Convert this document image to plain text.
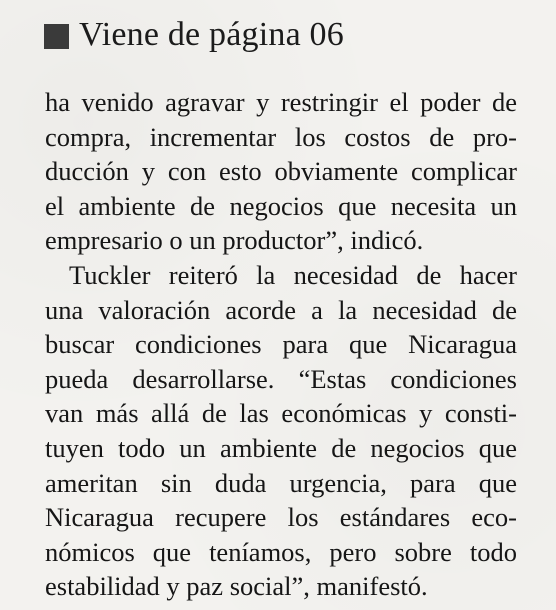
Viene de página 06
ha venido agravar y restringir el poder de
compra, incrementar los costos de pro-
ducción y con esto obviamente complicar
el ambiente de negocios que necesita un
empresario o un productor”, indicó.
Tuckler reiteró la necesidad de hacer
una valoración acorde a la necesidad de
buscar condiciones para que Nicaragua
pueda desarrollarse. “Estas condiciones
van más allá de las económicas y consti-
tuyen todo un ambiente de negocios que
ameritan sin duda urgencia, para que
Nicaragua recupere los estándares eco-
nómicos que teníamos, pero sobre todo
estabilidad y paz social”, manifestó.
